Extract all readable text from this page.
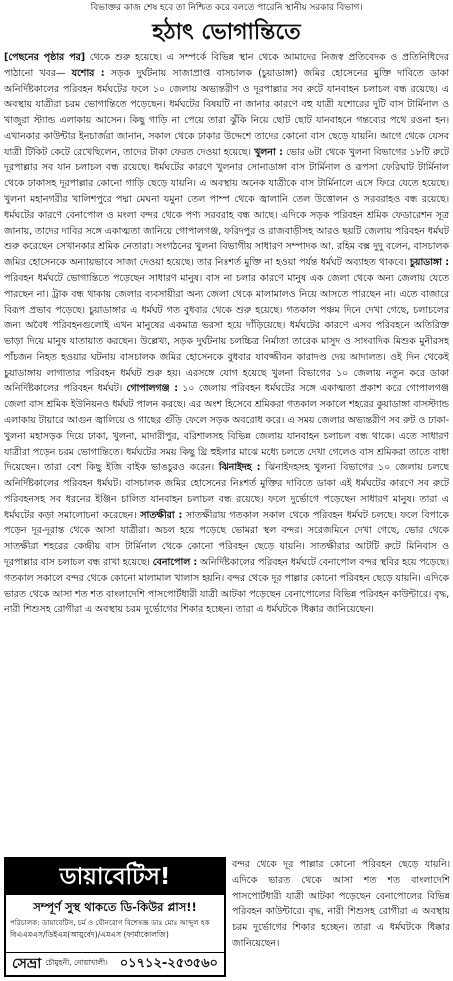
বিভাক্তর কাজ শেষ হবে তা নিশ্চিত করে বলতে পারেনি স্থানীয় সরকার বিভাগ।
হঠাৎ ভোগান্তিতে

[পেছনের পৃষ্ঠার পর] থেকে শুরু হয়েছে। এ সম্পর্কে বিভিন্ন স্থান থেকে আমাদের নিজস্ব প্রতিবেদক ও প্রতিনিধিদের পাঠানো খবর— যশোর : সড়ক দুর্ঘটনায় সাজাপ্রাপ্ত বাসচালক (চুয়াডাঙ্গা) জমির হোসেনের মুক্তি দাবিতে ডাকা অনির্দিষ্টকালের পরিবহন ধর্মঘটের ফলে ১০ জেলায় অভ্যন্তরীণ ও দূরপাল্লার সব রুটে যানবাহন চলাচল বন্ধ রয়েছে। এ অবস্থায় যাত্রীরা চরম ভোগান্তিতে পড়েছেন। ধর্মঘটের বিষয়টি না জানার কারণে বহু যাত্রী যশোরের দুটি বাস টার্মিনাল ও খাজুরা স্ট্যান্ড এলাকায় আসেন। কিছু গাড়ি না পেয়ে তারা ঝুঁকি নিয়ে ছোট ছোট যানবাহনে গন্তব্যের পথে রওনা হন। এখানকার কাউন্টার ইনচার্জরা জানান, সকাল থেকে ঢাকার উদ্দেশে তাদের কোনো বাস ছেড়ে যায়নি। আগে থেকে যেসব যাত্রী টিকিট কেটে রেখেছিলেন, তাদের টাকা ফেরত দেওয়া হয়েছে। খুলনা : ভোর ৬টা থেকে খুলনা বিভাগের ১৮টি রুটে দূরপাল্লার সব যান চলাচল বন্ধ রয়েছে। ধর্মঘটের কারণে খুলনার সোনাডাঙ্গা বাস টার্মিনাল ও রূপসা ফেরিঘাট টার্মিনাল থেকে ঢাকাসহ দূরপাল্লার কোনো গাড়ি ছেড়ে যায়নি। এ অবস্থায় অনেক যাত্রীকে বাস টার্মিনালে এসে ফিরে যেতে হয়েছে। খুলনা মহানগরীর খালিশপুরে পদ্মা মেঘনা যমুনা তেল পাম্প থেকে জ্বালানি তেল উত্তোলন ও সরবরাহও বন্ধ রয়েছে। ধর্মঘটের কারণে বেনাপোল ও মংলা বন্দর থেকে পণ্য সরবরাহ বন্ধ আছে। এদিকে সড়ক পরিবহন শ্রমিক ফেডারেশন সূত্র জানায়, তাদের দাবির সঙ্গে একাত্মতা জানিয়ে গোপালগঞ্জ, ফরিদপুর ও রাজবাড়ীসহ আরও ছয়টি জেলায় পরিবহন ধর্মঘট শুরু করেছেন সেখানকার শ্রমিক নেতারা। সংগঠনের খুলনা বিভাগীয় সাধারণ সম্পাদক আ. রহিম বক্স দুদু বলেন, বাসচালক জমির হোসেনকে অন্যায়ভাবে সাজা দেওয়া হয়েছে। তার নিঃশর্ত মুক্তি না হওয়া পর্যন্ত ধর্মঘট অব্যাহত থাকবে। চুয়াডাঙ্গা : পরিবহন ধর্মঘটে ভোগান্তিতে পড়েছেন সাধারণ মানুষ। বাস না চলার কারণে মানুষ এক জেলা থেকে অন্য জেলায় যেতে পারছেন না। ট্রাক বন্ধ থাকায় জেলার ব্যবসায়ীরা অন্য জেলা থেকে মালামালও নিয়ে আসতে পারছেন না। এতে বাজারে বিরূপ প্রভাব পড়েছে। চুয়াডাঙ্গার এ ধর্মঘট গত বুধবার থেকে শুরু হয়েছে। গতকাল পঞ্চম দিনে দেখা গেছে, চলাচলের জন্য অবৈধ পরিবহনগুলোই এখন মানুষের একমাত্র ভরসা হয়ে দাঁড়িয়েছে। ধর্মঘটের কারণে এসব পরিবহনে অতিরিক্ত ভাড়া দিয়ে মানুষ যাতায়াত করছেন। উল্লেখ্য, সড়ক দুর্ঘটনায় চলচ্চিত্র নির্মাতা তারেক মাসুদ ও সাংবাদিক মিশুক মুনীরসহ পাঁচজন নিহত হওয়ার ঘটনায় বাসচালক জমির হোসেনকে বুধবার যাবজ্জীবন কারাদণ্ড দেয় আদালত। ওই দিন থেকেই চুয়াডাঙ্গায় লাগাতার পরিবহন ধর্মঘট শুরু হয়। এরসঙ্গে যোগ হয়েছে খুলনা বিভাগের ১০ জেলায় নতুন করে ডাকা অনির্দিষ্টকালের পরিবহন ধর্মঘট। গোপালগঞ্জ : ১০ জেলায় পরিবহন ধর্মঘটের সঙ্গে একাত্মতা প্রকাশ করে গোপালগঞ্জ জেলা বাস শ্রমিক ইউনিয়নও ধর্মঘট পালন করছে। এর অংশ হিসেবে শ্রমিকরা গতকাল সকালে শহরের কুয়াডাঙ্গা বাসস্ট্যান্ড এলাকায় টায়ারে আগুন জ্বালিয়ে ও গাছের গুঁড়ি ফেলে সড়ক অবরোধ করে। এ সময় জেলার অভ্যন্তরীণ সব রুট ও ঢাকা-খুলনা মহাসড়ক দিয়ে ঢাকা, খুলনা, মাদারীপুর, বরিশালসহ বিভিন্ন জেলায় যানবাহন চলাচল বন্ধ থাকে। এতে সাধারণ যাত্রীরা পড়েন চরম ভোগান্তিতে। ধর্মঘটের সময় কিছু থ্রি হুইলার মাঝে মধ্যে চলতে দেখা গেলেও বাস শ্রমিকরা তাতে বাধা দিয়েছেন। তারা বেশ কিছু ইজি বাইক ভাঙচুরও করেন। ঝিনাইদহ : ঝিনাইদহসহ খুলনা বিভাগের ১০ জেলায় চলছে অনির্দিষ্টকালের পরিবহন ধর্মঘট। বাসচালক জমির হোসেনের নিঃশর্ত মুক্তির দাবিতে ডাকা এই ধর্মঘটের কারণে সব রুটে পরিবহনসহ সব ধরনের ইঞ্জিন চালিত যানবাহন চলাচল বন্ধ রয়েছে। ফলে দুর্ভোগে পড়েছেন সাধারণ মানুষ। তারা এ ধর্মঘটের কড়া সমালোচনা করেছেন। সাতক্ষীরা : সাতক্ষীরায় গতকাল সকাল থেকে পরিবহন ধর্মঘট চলছে। ফলে বিপাকে পড়েন দূর-দূরান্ত থেকে আসা যাত্রীরা। অচল হয়ে পড়েছে ভোমরা স্থল বন্দর। সরেজমিনে দেখা গেছে, ভোর থেকে সাতক্ষীরা শহরের কেন্দ্রীয় বাস টার্মিনাল থেকে কোনো পরিবহন ছেড়ে যায়নি। সাতক্ষীরার আটটি রুটে মিনিবাস ও দূরপাল্লার বাস চলাচল বন্ধ রাখা হয়েছে। বেনাপোল : অনির্দিষ্টকালের পরিবহন ধর্মঘটে বেনাপোল বন্দর স্থবির হয়ে পড়েছে। গতকাল সকালে বন্দর থেকে কোনো মালামাল খালাস হয়নি। বন্দর থেকে দূর পাল্লার কোনো পরিবহন ছেড়ে যায়নি। এদিকে ভারত থেকে আসা শত শত বাংলাদেশি পাসপোর্টধারী যাত্রী আটকা পড়েছেন বেনাপোলের বিভিন্ন পরিবহন কাউন্টারে। বৃদ্ধ, নারী শিশুসহ রোগীরা এ অবস্থায় চরম দুর্ভোগের শিকার হচ্ছেন। তারা এ ধর্মঘটকে ধিক্কার জানিয়েছেন।

বন্দর থেকে দূর পাল্লার কোনো পরিবহন ছেড়ে যায়নি। এদিকে ভারত থেকে আসা শত শত বাংলাদেশি পাসপোর্টধারী যাত্রী আটকা পড়েছেন বেনাপোলের বিভিন্ন পরিবহন কাউন্টারে। বৃদ্ধ, নারী শিশুসহ রোগীরা এ অবস্থায় চরম দুর্ভোগের শিকার হচ্ছেন। তারা এ ধর্মঘটকে ধিক্কার জানিয়েছেন।

ডায়াবেটিস!
সম্পূর্ণ সুস্থ থাকতে ডি-কিউর প্লাস!!
পরিচালক: ডায়াবেটিস, চর্ম ও যৌনরোগ বিশেষজ্ঞ ডাঃ মোঃ আব্দুল হক
বিএএমএস/ডিইএম(আয়ুর্বেদ)/এমএস (ফার্মাকোলজি)
সেভ্রা চৌমুহনী, নোয়াখালী। ০১৭১২-২৫৩৫৬০
